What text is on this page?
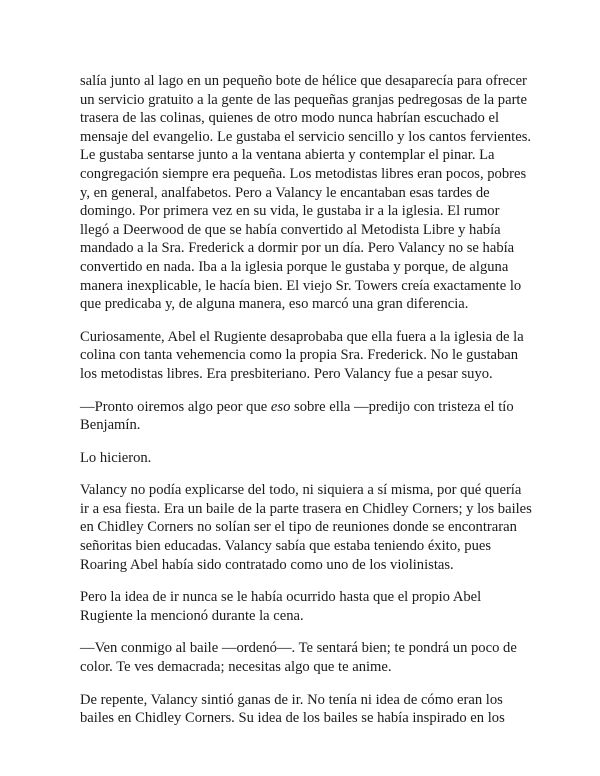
salía junto al lago en un pequeño bote de hélice que desaparecía para ofrecer un servicio gratuito a la gente de las pequeñas granjas pedregosas de la parte trasera de las colinas, quienes de otro modo nunca habrían escuchado el mensaje del evangelio. Le gustaba el servicio sencillo y los cantos fervientes. Le gustaba sentarse junto a la ventana abierta y contemplar el pinar. La congregación siempre era pequeña. Los metodistas libres eran pocos, pobres y, en general, analfabetos. Pero a Valancy le encantaban esas tardes de domingo. Por primera vez en su vida, le gustaba ir a la iglesia. El rumor llegó a Deerwood de que se había convertido al Metodista Libre y había mandado a la Sra. Frederick a dormir por un día. Pero Valancy no se había convertido en nada. Iba a la iglesia porque le gustaba y porque, de alguna manera inexplicable, le hacía bien. El viejo Sr. Towers creía exactamente lo que predicaba y, de alguna manera, eso marcó una gran diferencia.

Curiosamente, Abel el Rugiente desaprobaba que ella fuera a la iglesia de la colina con tanta vehemencia como la propia Sra. Frederick. No le gustaban los metodistas libres. Era presbiteriano. Pero Valancy fue a pesar suyo.

—Pronto oiremos algo peor que eso sobre ella —predijo con tristeza el tío Benjamín.

Lo hicieron.

Valancy no podía explicarse del todo, ni siquiera a sí misma, por qué quería ir a esa fiesta. Era un baile de la parte trasera en Chidley Corners; y los bailes en Chidley Corners no solían ser el tipo de reuniones donde se encontraran señoritas bien educadas. Valancy sabía que estaba teniendo éxito, pues Roaring Abel había sido contratado como uno de los violinistas.

Pero la idea de ir nunca se le había ocurrido hasta que el propio Abel Rugiente la mencionó durante la cena.

—Ven conmigo al baile —ordenó—. Te sentará bien; te pondrá un poco de color. Te ves demacrada; necesitas algo que te anime.

De repente, Valancy sintió ganas de ir. No tenía ni idea de cómo eran los bailes en Chidley Corners. Su idea de los bailes se había inspirado en los
